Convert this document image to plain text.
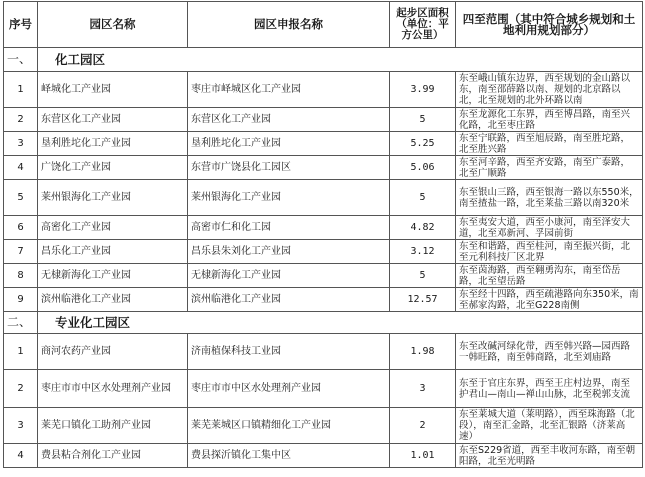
序号	园区名称	园区申报名称	起步区面积（单位：平方公里）	四至范围（其中符合城乡规划和土地利用规划部分）
一、	化工园区			
1	峄城化工产业园	枣庄市峄城区化工产业园	3.99	东至峨山镇东边界，西至规划的金山路以东，南至邵薛路以南、规划的北京路以北，北至规划的北外环路以南
2	东营区化工产业园	东营区化工产业园	5	东至龙源化工东界，西至博昌路，南至兴化路，北至枣庄路
3	垦利胜坨化工产业园	垦利胜坨化工产业园	5.25	东至宁联路，西至旭辰路，南至胜坨路，北至胜兴路
4	广饶化工产业园	东营市广饶县化工园区	5.06	东至河辛路，西至齐安路，南至广泰路，北至广顺路
5	莱州银海化工产业园	莱州银海化工产业园	5	东至银山三路，西至银海一路以东550米，南至揸盐一路，北至莱盐三路以南320米
6	高密化工产业园	高密市仁和化工园	4.82	东至夷安大道，西至小康河，南至泽安大道，北至邓新河、孚园前街
7	昌乐化工产业园	昌乐县朱刘化工产业园	3.12	东至和谐路，西至桂河，南至振兴街，北至元利科技厂区北界
8	无棣新海化工产业园	无棣新海化工产业园	5	东至茵海路，西至翱勇沟东，南至岱岳路，北至望岳路
9	滨州临港化工产业园	滨州临港化工产业园	12.57	东至经十四路，西至疏港路向东350米，南至郝家沟路，北至G228南侧
二、	专业化工园区			
1	商河农药产业园	济南植保科技工业园	1.98	东至改碱河绿化带，西至韩兴路—园西路一韩旺路，南至韩商路，北至刘庙路
2	枣庄市市中区水处理剂产业园	枣庄市市中区水处理剂产业园	3	东至于官庄东界，西至王庄村边界，南至护君山—南山—禅山山脉，北至税郭支流
3	莱芜口镇化工助剂产业园	莱芜莱城区口镇精细化工产业园	2	东至莱城大道（莱明路），西至珠海路（北段），南至汇金路，北至汇银路（济莱高速）
4	费县粘合剂化工产业园	费县探沂镇化工集中区	1.01	东至S229省道，西至丰收河东路，南至朝阳路，北至光明路
